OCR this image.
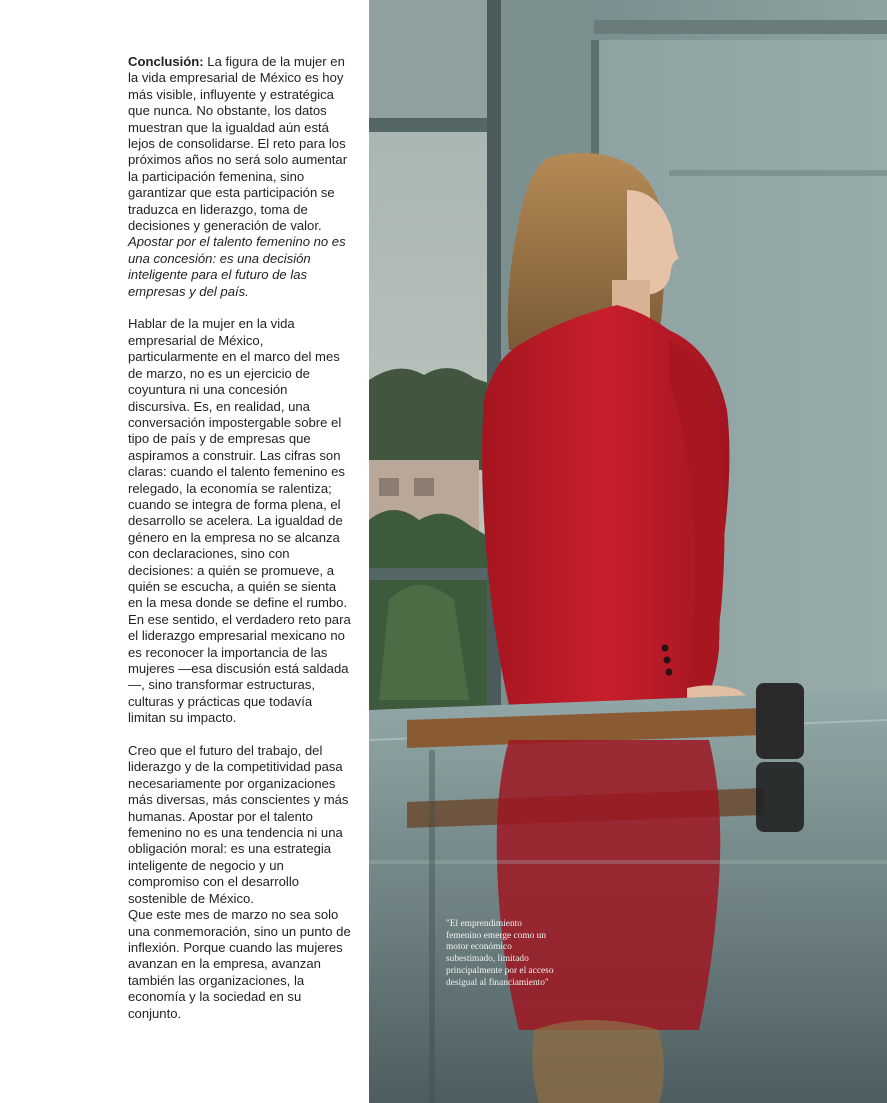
Conclusión: La figura de la mujer en la vida empresarial de México es hoy más visible, influyente y estratégica que nunca. No obstante, los datos muestran que la igualdad aún está lejos de consolidarse. El reto para los próximos años no será solo aumentar la participación femenina, sino garantizar que esta participación se traduzca en liderazgo, toma de decisiones y generación de valor.
Apostar por el talento femenino no es una concesión: es una decisión inteligente para el futuro de las empresas y del país.

Hablar de la mujer en la vida empresarial de México, particularmente en el marco del mes de marzo, no es un ejercicio de coyuntura ni una concesión discursiva. Es, en realidad, una conversación impostergable sobre el tipo de país y de empresas que aspiramos a construir. Las cifras son claras: cuando el talento femenino es relegado, la economía se ralentiza; cuando se integra de forma plena, el desarrollo se acelera. La igualdad de género en la empresa no se alcanza con declaraciones, sino con decisiones: a quién se promueve, a quién se escucha, a quién se sienta en la mesa donde se define el rumbo. En ese sentido, el verdadero reto para el liderazgo empresarial mexicano no es reconocer la importancia de las mujeres —esa discusión está saldada—, sino transformar estructuras, culturas y prácticas que todavía limitan su impacto.

Creo que el futuro del trabajo, del liderazgo y de la competitividad pasa necesariamente por organizaciones más diversas, más conscientes y más humanas. Apostar por el talento femenino no es una tendencia ni una obligación moral: es una estrategia inteligente de negocio y un compromiso con el desarrollo sostenible de México.

Que este mes de marzo no sea solo una conmemoración, sino un punto de inflexión. Porque cuando las mujeres avanzan en la empresa, avanzan también las organizaciones, la economía y la sociedad en su conjunto.

"El emprendimiento femenino emerge como un motor económico subestimado, limitado principalmente por el acceso desigual al financiamiento"
